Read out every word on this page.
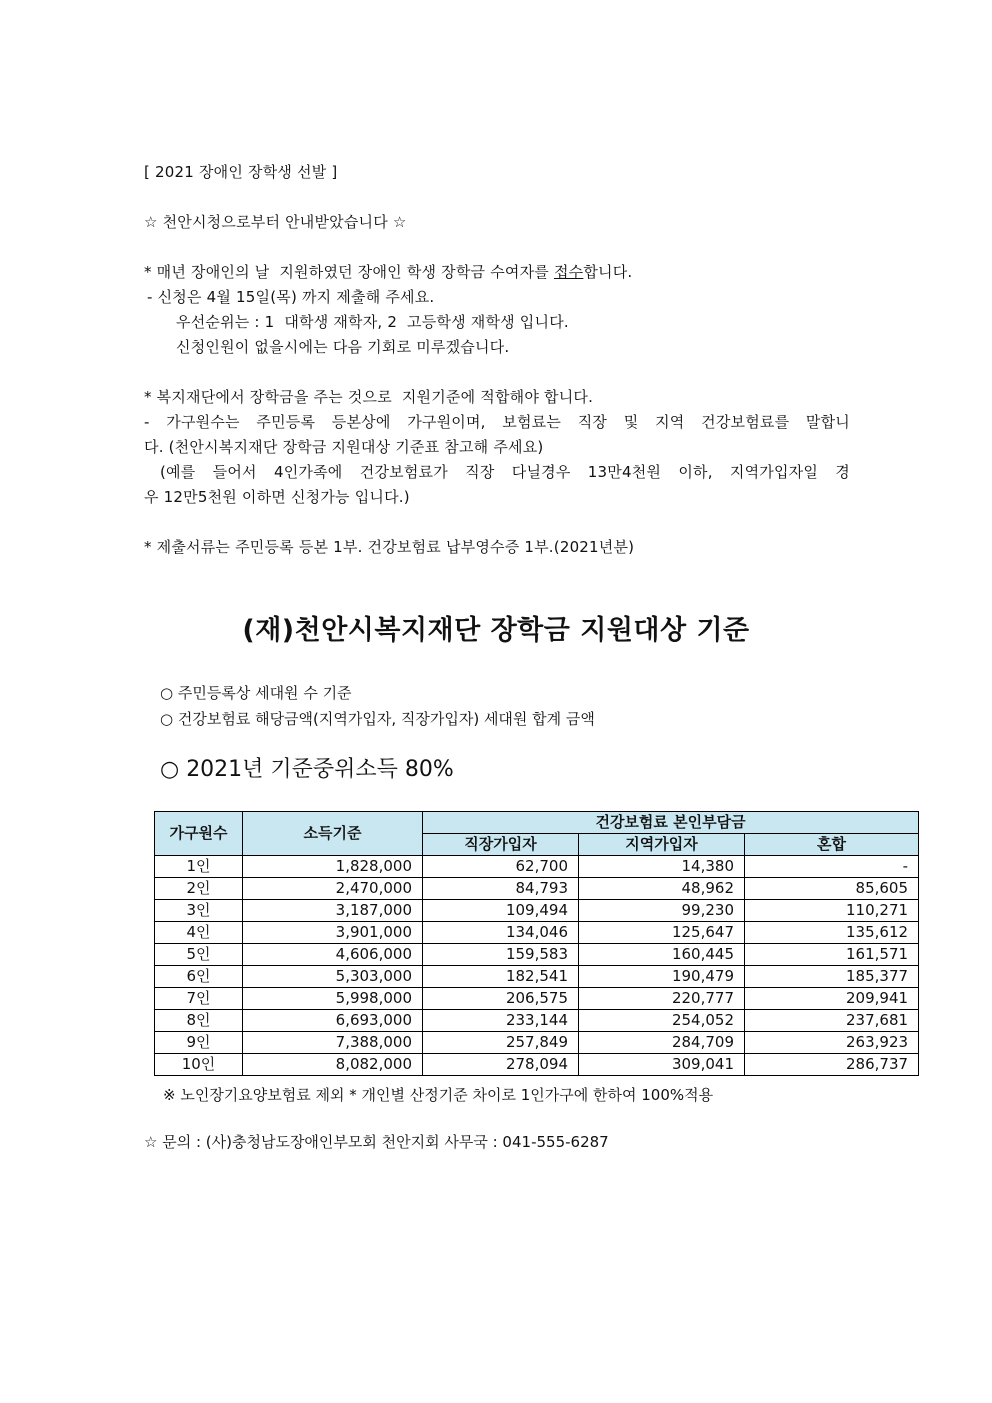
[ 2021 장애인 장학생 선발 ]
☆ 천안시청으로부터 안내받았습니다 ☆
* 매년 장애인의 날  지원하였던 장애인 학생 장학금 수여자를 접수합니다.
- 신청은 4월 15일(목) 까지 제출해 주세요.
우선순위는 : 1  대학생 재학자, 2  고등학생 재학생 입니다.
신청인원이 없을시에는 다음 기회로 미루겠습니다.
* 복지재단에서 장학금을 주는 것으로  지원기준에 적합해야 합니다.
- 가구원수는 주민등록 등본상에 가구원이며, 보험료는 직장 및 지역 건강보험료를 말합니
다. (천안시복지재단 장학금 지원대상 기준표 참고해 주세요)
(예를 들어서 4인가족에 건강보험료가 직장 다닐경우 13만4천원 이하, 지역가입자일 경
우 12만5천원 이하면 신청가능 입니다.)
* 제출서류는 주민등록 등본 1부. 건강보험료 납부영수증 1부.(2021년분)
(재)천안시복지재단 장학금 지원대상 기준
○ 주민등록상 세대원 수 기준
○ 건강보험료 해당금액(지역가입자, 직장가입자) 세대원 합계 금액
○ 2021년 기준중위소득 80%
가구원수	소득기준	건강보험료 본인부담금		
		직장가입자	지역가입자	혼합
1인	1,828,000	62,700	14,380	-
2인	2,470,000	84,793	48,962	85,605
3인	3,187,000	109,494	99,230	110,271
4인	3,901,000	134,046	125,647	135,612
5인	4,606,000	159,583	160,445	161,571
6인	5,303,000	182,541	190,479	185,377
7인	5,998,000	206,575	220,777	209,941
8인	6,693,000	233,144	254,052	237,681
9인	7,388,000	257,849	284,709	263,923
10인	8,082,000	278,094	309,041	286,737
※ 노인장기요양보험료 제외 * 개인별 산정기준 차이로 1인가구에 한하여 100%적용
☆ 문의 : (사)충청남도장애인부모회 천안지회 사무국 : 041-555-6287
